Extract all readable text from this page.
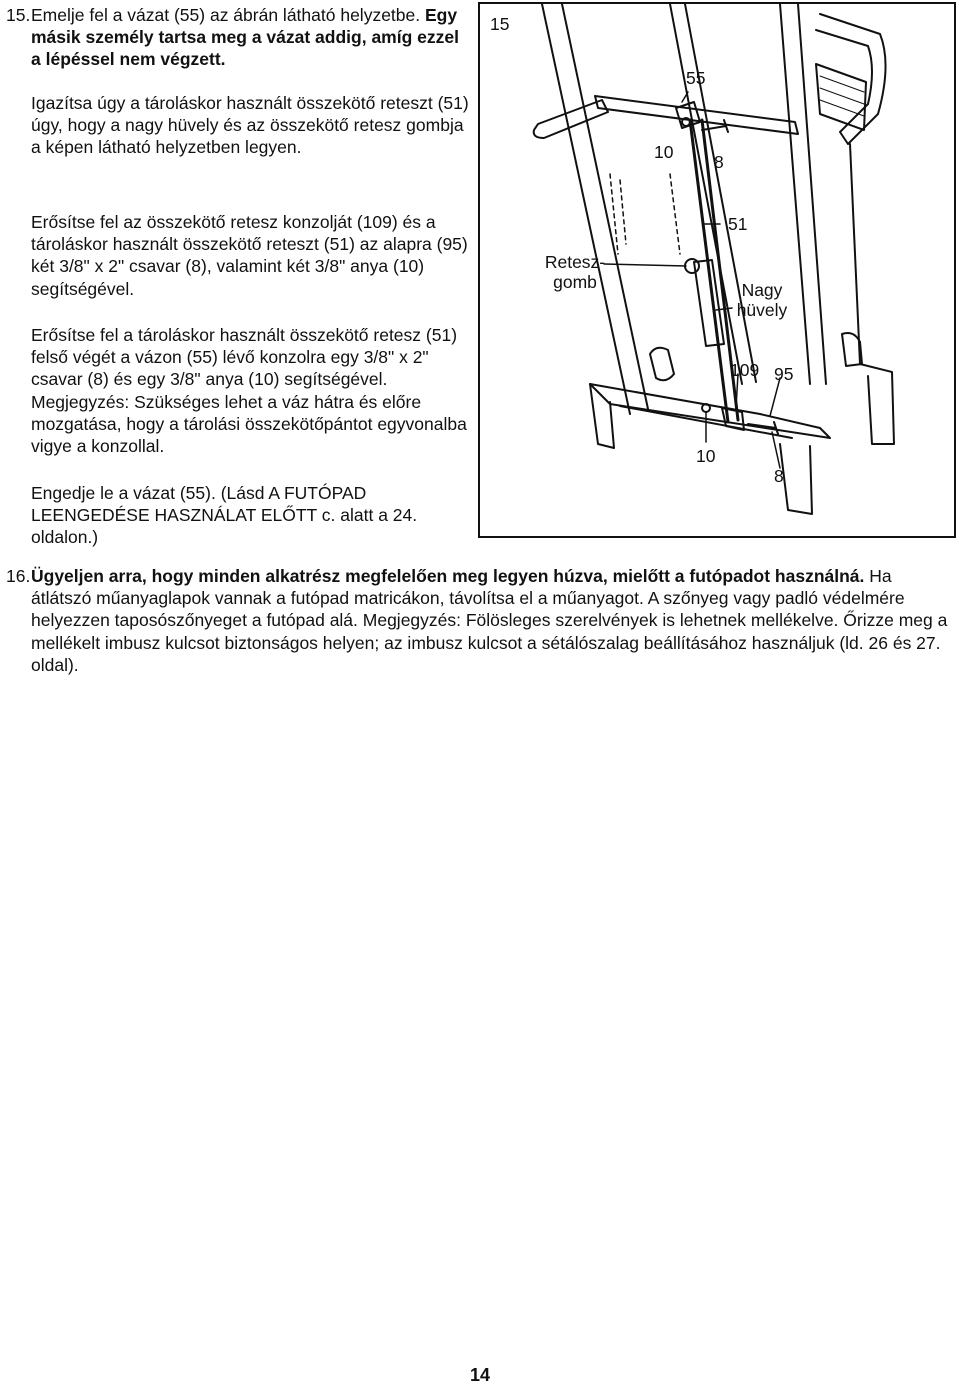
15. Emelje fel a vázat (55) az ábrán látható helyzetbe. Egy másik személy tartsa meg a vázat addig, amíg ezzel a lépéssel nem végzett.

Igazítsa úgy a tároláskor használt összekötő reteszt (51) úgy, hogy a nagy hüvely és az összekötő retesz gombja a képen látható helyzetben legyen.

Erősítse fel az összekötő retesz konzolját (109) és a tároláskor használt összekötő reteszt (51) az alapra (95) két 3/8" x 2" csavar (8), valamint két 3/8" anya (10) segítségével.

Erősítse fel a tároláskor használt összekötő retesz (51) felső végét a vázon (55) lévő konzolra egy 3/8" x 2" csavar (8) és egy 3/8" anya (10) segítségével. Megjegyzés: Szükséges lehet a váz hátra és előre mozgatása, hogy a tárolási összekötőpántot egyvonalba vigye a konzollal.

Engedje le a vázat (55). (Lásd A FUTÓPAD LEENGEDÉSE HASZNÁLAT ELŐTT c. alatt a 24. oldalon.)

15
55
10 8
51
Retesz-
gomb	Nagy
hüvely
109 95
10
8
16. Ügyeljen arra, hogy minden alkatrész megfelelően meg legyen húzva, mielőtt a futópadot használná. Ha átlátszó műanyaglapok vannak a futópad matricákon, távolítsa el a műanyagot. A szőnyeg vagy padló védelmére helyezzen taposószőnyeget a futópad alá. Megjegyzés: Fölösleges szerelvények is lehetnek mellékelve. Őrizze meg a mellékelt imbusz kulcsot biztonságos helyen; az imbusz kulcsot a sétálószalag beállításához használjuk (ld. 26 és 27. oldal).

14
